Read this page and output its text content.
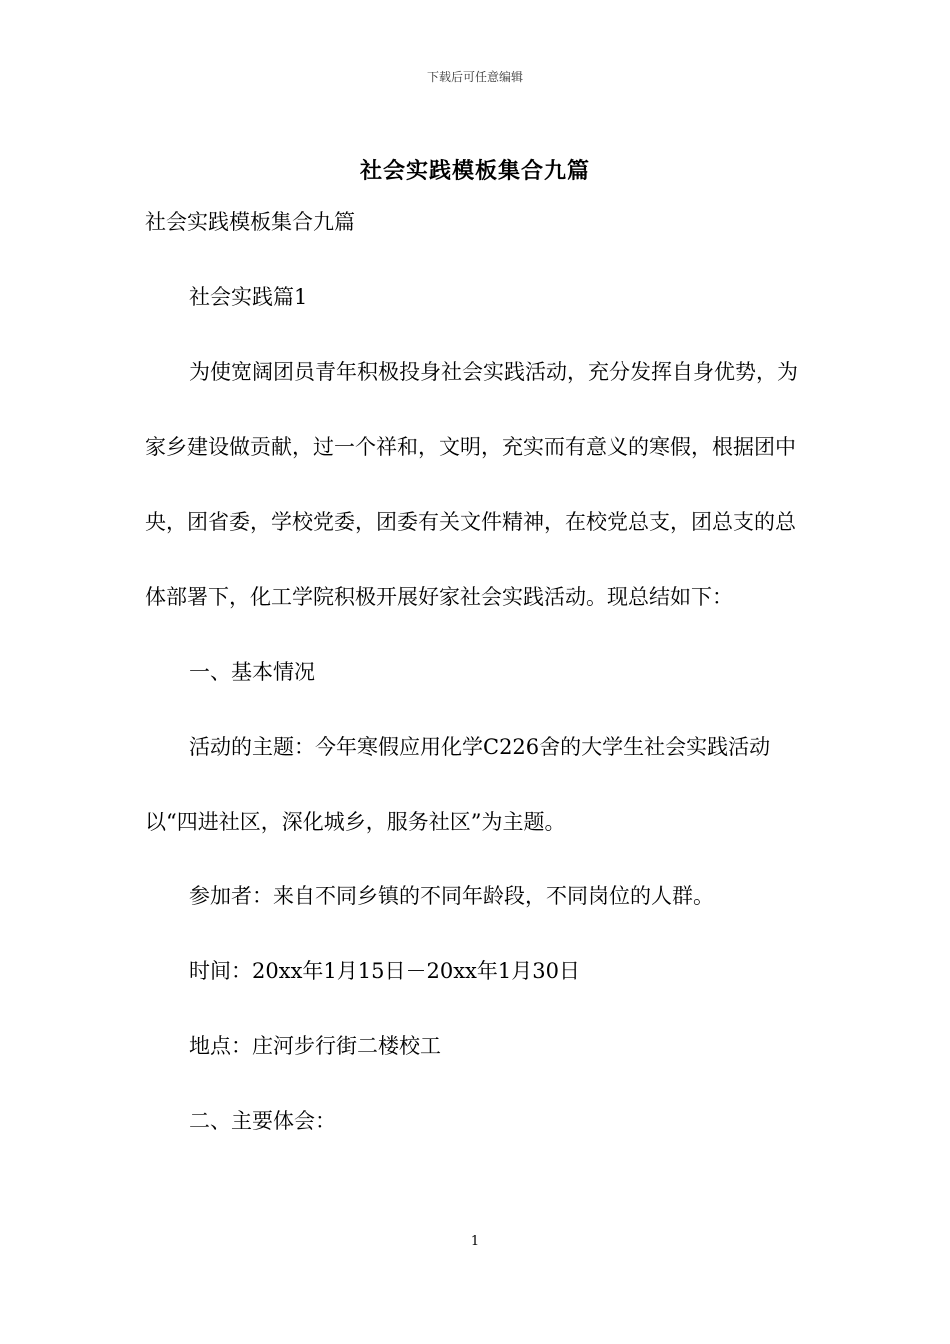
下载后可任意编辑
社会实践模板集合九篇

社会实践模板集合九篇

社会实践篇1

为使宽阔团员青年积极投身社会实践活动，充分发挥自身优势，为家乡建设做贡献，过一个祥和，文明，充实而有意义的寒假，根据团中央，团省委，学校党委，团委有关文件精神，在校党总支，团总支的总体部署下，化工学院积极开展好家社会实践活动。现总结如下：

一、基本情况

活动的主题：今年寒假应用化学C226舍的大学生社会实践活动以“四进社区，深化城乡，服务社区”为主题。

参加者：来自不同乡镇的不同年龄段，不同岗位的人群。

时间：20xx年1月15日－20xx年1月30日

地点：庄河步行街二楼校工

二、主要体会：

1
